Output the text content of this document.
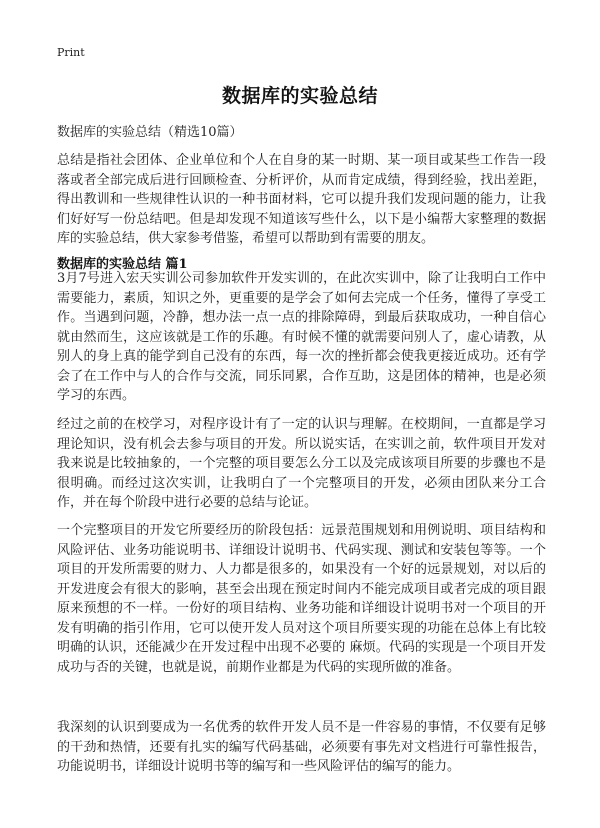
Print
数据库的实验总结
数据库的实验总结（精选10篇）

总结是指社会团体、企业单位和个人在自身的某一时期、某一项目或某些工作告一段落或者全部完成后进行回顾检查、分析评价，从而肯定成绩，得到经验，找出差距，得出教训和一些规律性认识的一种书面材料，它可以提升我们发现问题的能力，让我们好好写一份总结吧。但是却发现不知道该写些什么，以下是小编帮大家整理的数据库的实验总结，供大家参考借鉴，希望可以帮助到有需要的朋友。

数据库的实验总结 篇1

3月7号进入宏天实训公司参加软件开发实训的，在此次实训中，除了让我明白工作中需要能力，素质，知识之外，更重要的是学会了如何去完成一个任务，懂得了享受工作。当遇到问题，冷静，想办法一点一点的排除障碍，到最后获取成功，一种自信心就由然而生，这应该就是工作的乐趣。有时候不懂的就需要问别人了，虚心请教，从别人的身上真的能学到自己没有的东西，每一次的挫折都会使我更接近成功。还有学会了在工作中与人的合作与交流，同乐同累，合作互助，这是团体的精神，也是必须学习的东西。

经过之前的在校学习，对程序设计有了一定的认识与理解。在校期间，一直都是学习理论知识，没有机会去参与项目的开发。所以说实话，在实训之前，软件项目开发对我来说是比较抽象的，一个完整的项目要怎么分工以及完成该项目所要的步骤也不是很明确。而经过这次实训，让我明白了一个完整项目的开发，必须由团队来分工合作，并在每个阶段中进行必要的总结与论证。

一个完整项目的开发它所要经历的阶段包括：远景范围规划和用例说明、项目结构和风险评估、业务功能说明书、详细设计说明书、代码实现、测试和安装包等等。一个项目的开发所需要的财力、人力都是很多的，如果没有一个好的远景规划，对以后的开发进度会有很大的影响，甚至会出现在预定时间内不能完成项目或者完成的项目跟原来预想的不一样。一份好的项目结构、业务功能和详细设计说明书对一个项目的开发有明确的指引作用，它可以使开发人员对这个项目所要实现的功能在总体上有比较明确的认识，还能减少在开发过程中出现不必要的 麻烦。代码的实现是一个项目开发成功与否的关键，也就是说，前期作业都是为代码的实现所做的准备。

我深刻的认识到要成为一名优秀的软件开发人员不是一件容易的事情，不仅要有足够的干劲和热情，还要有扎实的编写代码基础，必须要有事先对文档进行可靠性报告，功能说明书，详细设计说明书等的编写和一些风险评估的编写的能力。
